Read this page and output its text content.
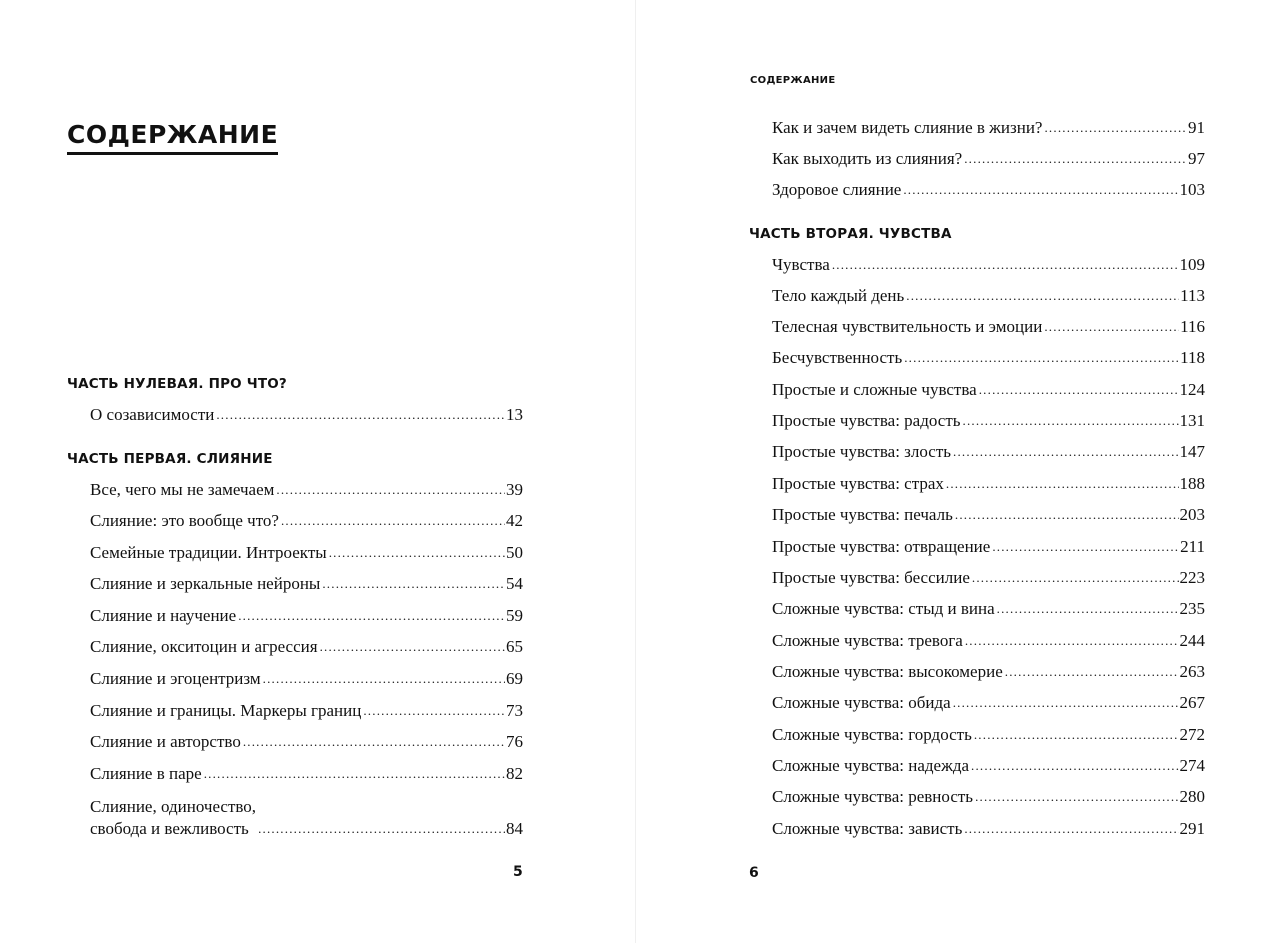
СОДЕРЖАНИЕ
ЧАСТЬ НУЛЕВАЯ. ПРО ЧТО?
О созависимости .....	13
ЧАСТЬ ПЕРВАЯ. СЛИЯНИЕ
Все, чего мы не замечаем .....	39
Слияние: это вообще что? .....	42
Семейные традиции. Интроекты .....	50
Слияние и зеркальные нейроны .....	54
Слияние и научение .....	59
Слияние, окситоцин и агрессия .....	65
Слияние и эгоцентризм .....	69
Слияние и границы. Маркеры границ .....	73
Слияние и авторство .....	76
Слияние в паре .....	82
Слияние, одиночество,
свобода и вежливость .....	84
5
СОДЕРЖАНИЕ
Как и зачем видеть слияние в жизни? .....	91
Как выходить из слияния? .....	97
Здоровое слияние .....	103
ЧАСТЬ ВТОРАЯ. ЧУВСТВА
Чувства .....	109
Тело каждый день .....	113
Телесная чувствительность и эмоции .....	116
Бесчувственность .....	118
Простые и сложные чувства .....	124
Простые чувства: радость .....	131
Простые чувства: злость .....	147
Простые чувства: страх .....	188
Простые чувства: печаль .....	203
Простые чувства: отвращение .....	211
Простые чувства: бессилие .....	223
Сложные чувства: стыд и вина .....	235
Сложные чувства: тревога .....	244
Сложные чувства: высокомерие .....	263
Сложные чувства: обида .....	267
Сложные чувства: гордость .....	272
Сложные чувства: надежда .....	274
Сложные чувства: ревность .....	280
Сложные чувства: зависть .....	291
6
